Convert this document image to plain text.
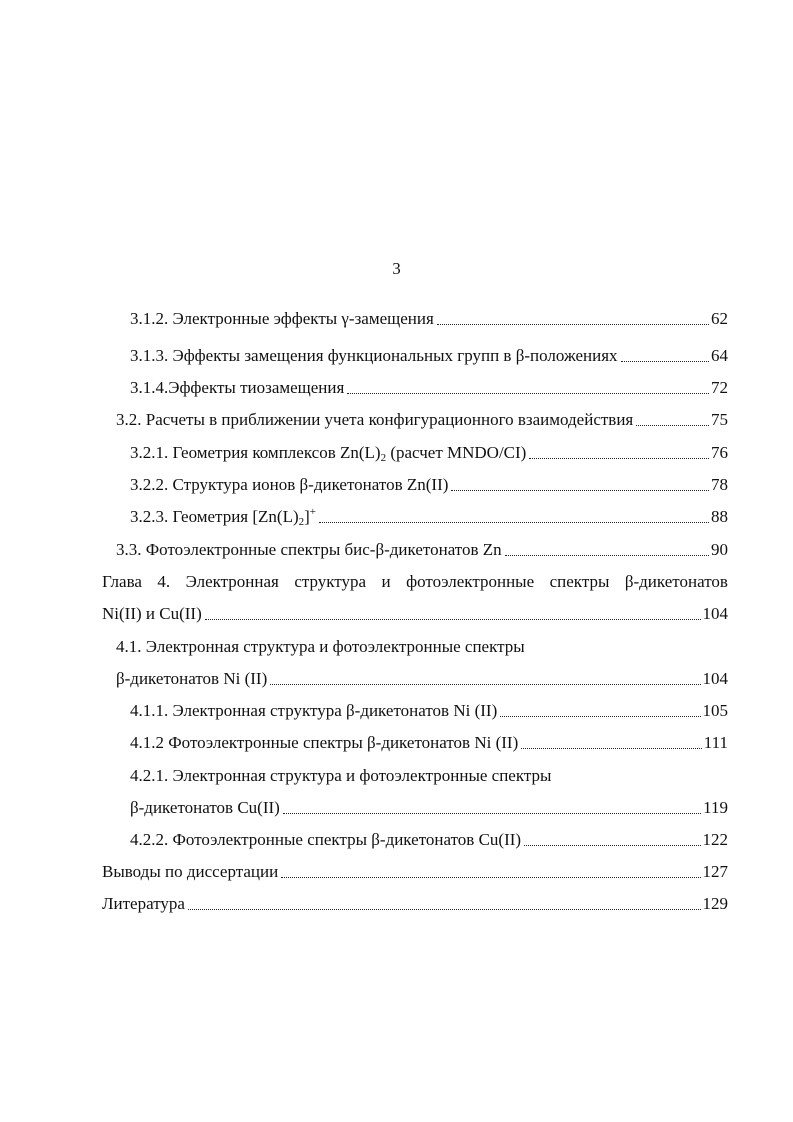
3
3.1.2. Электронные эффекты γ-замещения	62
3.1.3. Эффекты замещения функциональных групп в β-положениях	64
3.1.4.Эффекты тиозамещения	72
3.2. Расчеты в приближении учета конфигурационного взаимодействия	75
3.2.1. Геометрия комплексов $Zn(L)_2$ (расчет MNDO/CI)	76
3.2.2. Структура ионов β-дикетонатов Zn(II)	78
3.2.3. Геометрия $[Zn(L)_2]^+$	88
3.3. Фотоэлектронные спектры бис-β-дикетонатов Zn	90
Глава 4. Электронная структура и фотоэлектронные спектры β-дикетонатов
Ni(II) и Cu(II)	104
4.1. Электронная структура и фотоэлектронные спектры
β-дикетонатов Ni (II)	104
4.1.1. Электронная структура β-дикетонатов Ni (II)	105
4.1.2 Фотоэлектронные спектры β-дикетонатов Ni (II)	111
4.2.1. Электронная структура и фотоэлектронные спектры
β-дикетонатов Cu(II)	119
4.2.2. Фотоэлектронные спектры β-дикетонатов Cu(II)	122
Выводы по диссертации	127
Литература	129
